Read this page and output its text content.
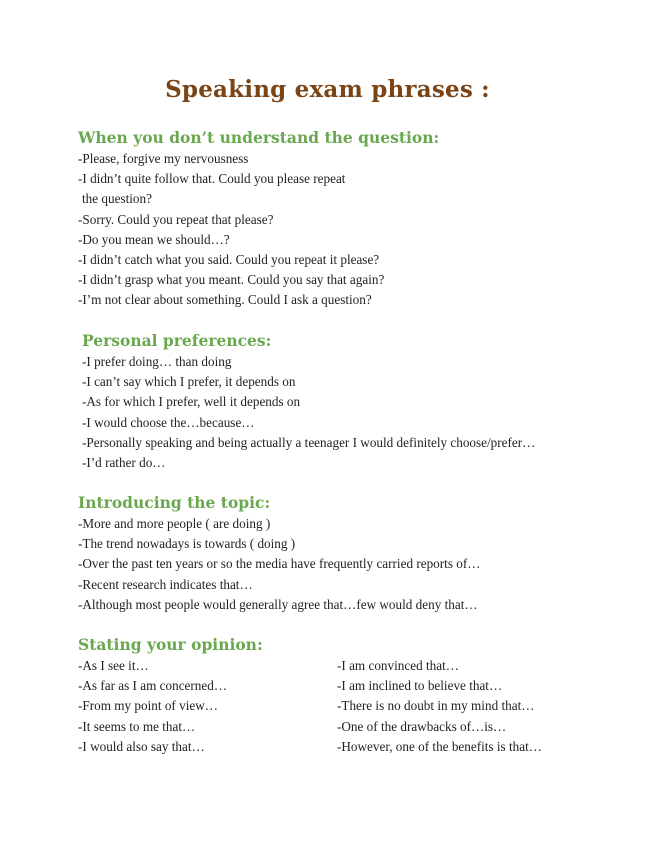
Speaking exam phrases :
When you don’t understand the question:
-Please, forgive my nervousness
-I didn’t quite follow that. Could you please repeat
the question?
-Sorry. Could you repeat that please?
-Do you mean we should…?
-I didn’t catch what you said. Could you repeat it please?
-I didn’t grasp what you meant. Could you say that again?
-I’m not clear about something. Could I ask a question?
Personal preferences:
-I prefer doing… than doing
-I can’t say which I prefer, it depends on
-As for which I prefer, well it depends on
-I would choose the…because…
-Personally speaking and being actually a teenager I would definitely choose/prefer…
-I’d rather do…
Introducing the topic:
-More and more people ( are doing )
-The trend nowadays is towards ( doing )
-Over the past ten years or so the media have frequently carried reports of…
-Recent research indicates that…
-Although most people would generally agree that…few would deny that…
Stating your opinion:
-As I see it…
-As far as I am concerned…
-From my point of view…
-It seems to me that…
-I would also say that…
-I am convinced that…
-I am inclined to believe that…
-There is no doubt in my mind that…
-One of the drawbacks of…is…
-However, one of the benefits is that…
